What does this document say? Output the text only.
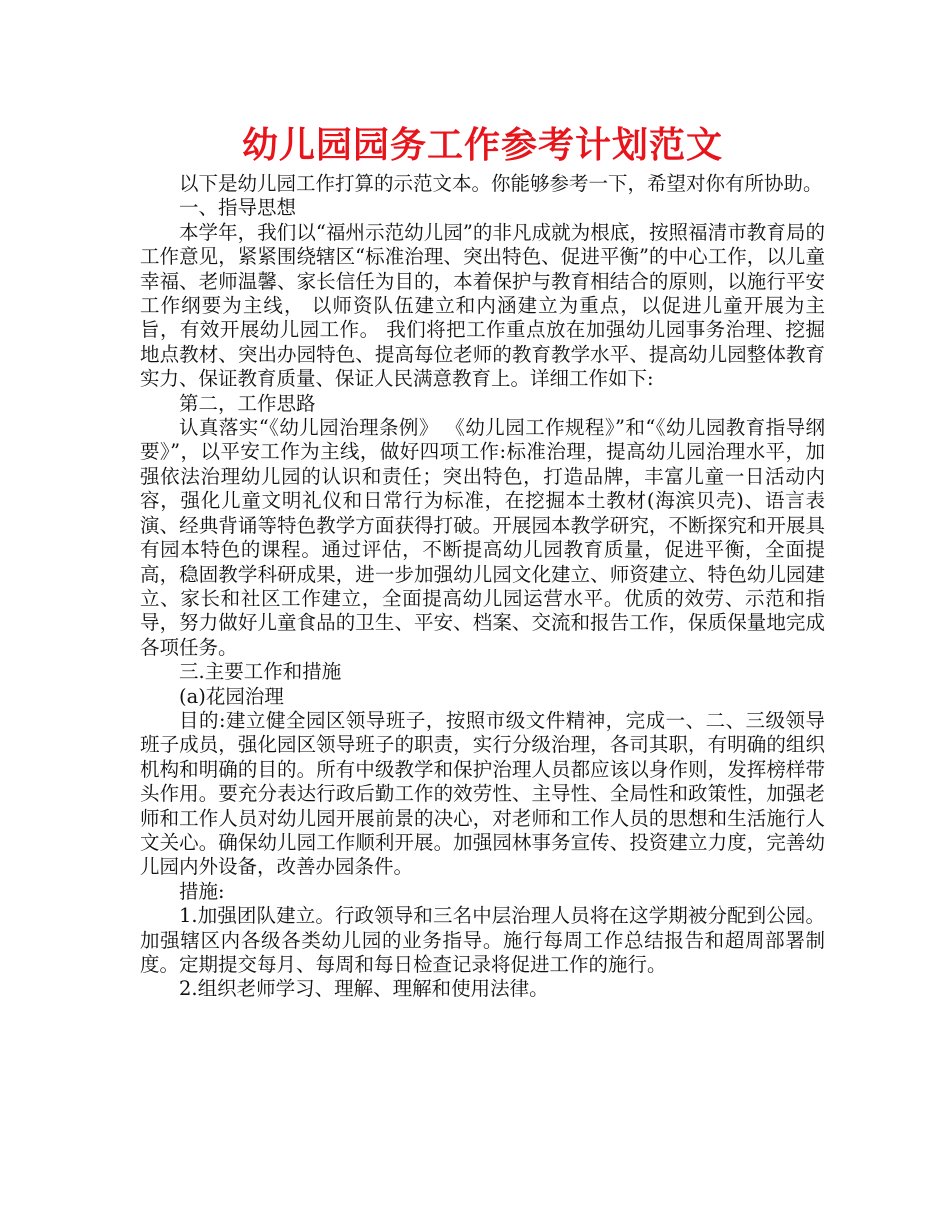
幼儿园园务工作参考计划范文

以下是幼儿园工作打算的示范文本。你能够参考一下，希望对你有所协助。

一、指导思想

本学年，我们以“福州示范幼儿园”的非凡成就为根底，按照福清市教育局的工作意见，紧紧围绕辖区“标准治理、突出特色、促进平衡”的中心工作，以儿童幸福、老师温馨、家长信任为目的，本着保护与教育相结合的原则，以施行平安工作纲要为主线， 以师资队伍建立和内涵建立为重点，以促进儿童开展为主旨，有效开展幼儿园工作。 我们将把工作重点放在加强幼儿园事务治理、挖掘地点教材、突出办园特色、提高每位老师的教育教学水平、提高幼儿园整体教育实力、保证教育质量、保证人民满意教育上。详细工作如下:

第二，工作思路

认真落实“《幼儿园治理条例》 《幼儿园工作规程》”和“《幼儿园教育指导纲要》”，以平安工作为主线，做好四项工作:标准治理，提高幼儿园治理水平，加强依法治理幼儿园的认识和责任；突出特色，打造品牌，丰富儿童一日活动内容，强化儿童文明礼仪和日常行为标准，在挖掘本土教材(海滨贝壳)、语言表演、经典背诵等特色教学方面获得打破。开展园本教学研究，不断探究和开展具有园本特色的课程。通过评估，不断提高幼儿园教育质量，促进平衡，全面提高，稳固教学科研成果，进一步加强幼儿园文化建立、师资建立、特色幼儿园建立、家长和社区工作建立，全面提高幼儿园运营水平。优质的效劳、示范和指导，努力做好儿童食品的卫生、平安、档案、交流和报告工作，保质保量地完成各项任务。

三.主要工作和措施

(a)花园治理

目的:建立健全园区领导班子，按照市级文件精神，完成一、二、三级领导班子成员，强化园区领导班子的职责，实行分级治理，各司其职，有明确的组织机构和明确的目的。所有中级教学和保护治理人员都应该以身作则，发挥榜样带头作用。要充分表达行政后勤工作的效劳性、主导性、全局性和政策性，加强老师和工作人员对幼儿园开展前景的决心，对老师和工作人员的思想和生活施行人文关心。确保幼儿园工作顺利开展。加强园林事务宣传、投资建立力度，完善幼儿园内外设备，改善办园条件。

措施:

1.加强团队建立。行政领导和三名中层治理人员将在这学期被分配到公园。加强辖区内各级各类幼儿园的业务指导。施行每周工作总结报告和超周部署制度。定期提交每月、每周和每日检查记录将促进工作的施行。

2.组织老师学习、理解、理解和使用法律。
